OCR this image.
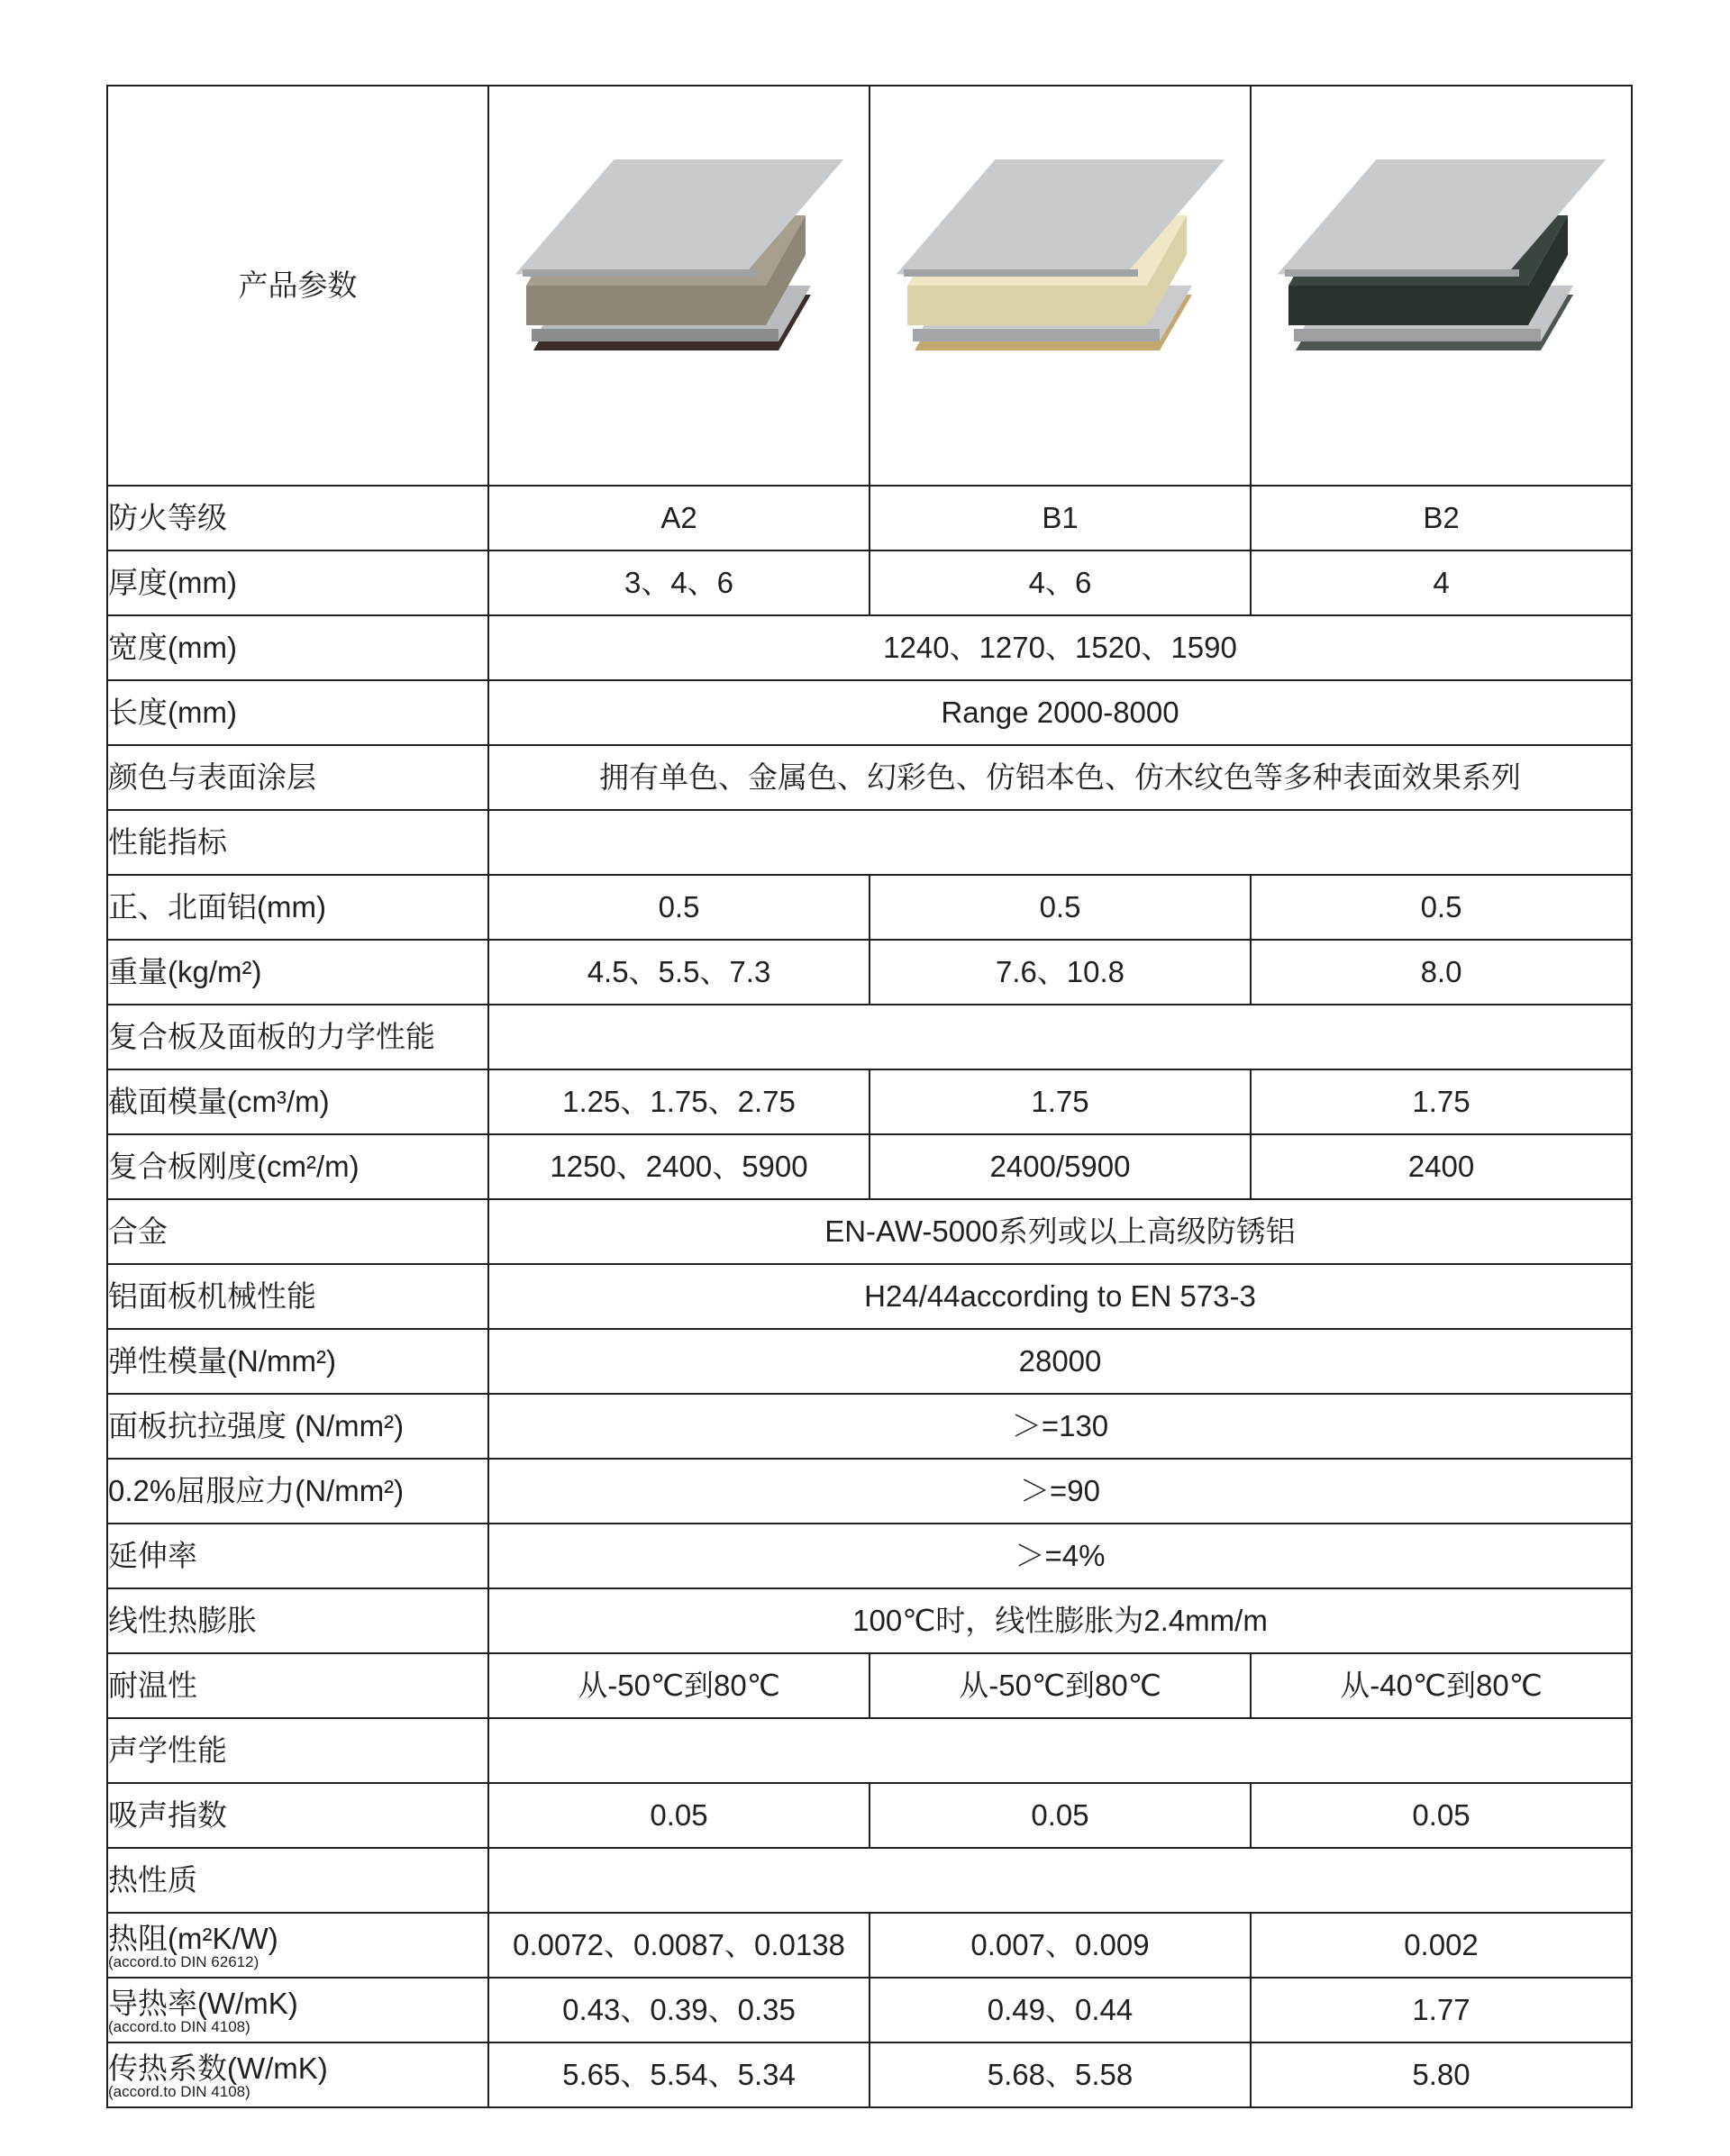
产品参数	

防火等级	A2	B1	B2
厚度(mm)	3、4、6	4、6	4
宽度(mm)	1240、1270、1520、1590		
长度(mm)	Range 2000-8000		
颜色与表面涂层	拥有单色、金属色、幻彩色、仿铝本色、仿木纹色等多种表面效果系列		
性能指标			
正、北面铝(mm)	0.5	0.5	0.5
重量(kg/m²)	4.5、5.5、7.3	7.6、10.8	8.0
复合板及面板的力学性能			
截面模量(cm³/m)	1.25、1.75、2.75	1.75	1.75
复合板刚度(cm²/m)	1250、2400、5900	2400/5900	2400
合金	EN-AW-5000系列或以上高级防锈铝		
铝面板机械性能	H24/44according to EN 573-3		
弹性模量(N/mm²)	28000		
面板抗拉强度 (N/mm²)	＞=130		
0.2%屈服应力(N/mm²)	＞=90		
延伸率	＞=4%		
线性热膨胀	100℃时，线性膨胀为2.4mm/m		
耐温性	从-50℃到80℃	从-50℃到80℃	从-40℃到80℃
声学性能			
吸声指数	0.05	0.05	0.05
热性质			
热阻(m²K/W)
(accord.to DIN 62612)	0.0072、0.0087、0.0138	0.007、0.009	0.002
导热率(W/mK)
(accord.to DIN 4108)	0.43、0.39、0.35	0.49、0.44	1.77
传热系数(W/mK)
(accord.to DIN 4108)	5.65、5.54、5.34	5.68、5.58	5.80
